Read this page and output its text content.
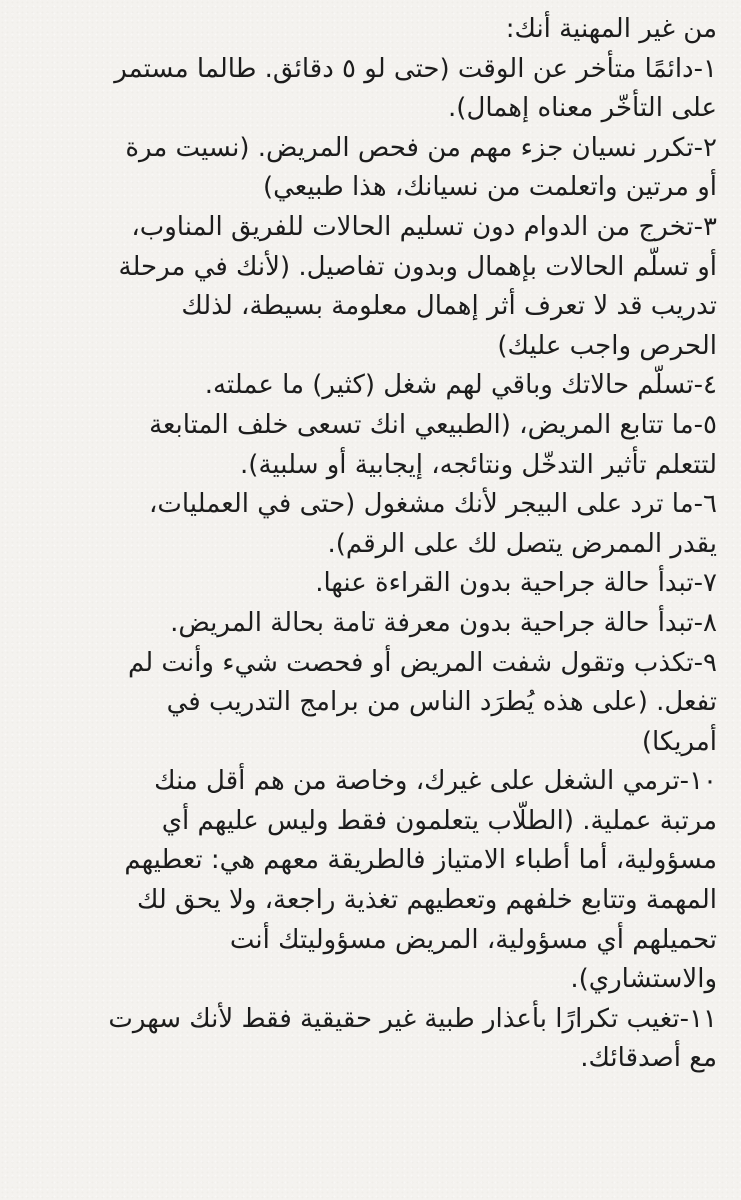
من غير المهنية أنك:
١-دائمًا متأخر عن الوقت (حتى لو ٥ دقائق. طالما مستمر
على التأخّر معناه إهمال).
٢-تكرر نسيان جزء مهم من فحص المريض. (نسيت مرة
أو مرتين واتعلمت من نسيانك، هذا طبيعي)
٣-تخرج من الدوام دون تسليم الحالات للفريق المناوب،
أو تسلّم الحالات بإهمال وبدون تفاصيل. (لأنك في مرحلة
تدريب قد لا تعرف أثر إهمال معلومة بسيطة، لذلك
الحرص واجب عليك)
٤-تسلّم حالاتك وباقي لهم شغل (كثير) ما عملته.
٥-ما تتابع المريض، (الطبيعي انك تسعى خلف المتابعة
لتتعلم تأثير التدخّل ونتائجه، إيجابية أو سلبية).
٦-ما ترد على البيجر لأنك مشغول (حتى في العمليات،
يقدر الممرض يتصل لك على الرقم).
٧-تبدأ حالة جراحية بدون القراءة عنها.
٨-تبدأ حالة جراحية بدون معرفة تامة بحالة المريض.
٩-تكذب وتقول شفت المريض أو فحصت شيء وأنت لم
تفعل. (على هذه يُطرَد الناس من برامج التدريب في
أمريكا)
١٠-ترمي الشغل على غيرك، وخاصة من هم أقل منك
مرتبة عملية. (الطلّاب يتعلمون فقط وليس عليهم أي
مسؤولية، أما أطباء الامتياز فالطريقة معهم هي: تعطيهم
المهمة وتتابع خلفهم وتعطيهم تغذية راجعة، ولا يحق لك
تحميلهم أي مسؤولية، المريض مسؤوليتك أنت
والاستشاري).
١١-تغيب تكرارًا بأعذار طبية غير حقيقية فقط لأنك سهرت
مع أصدقائك.
